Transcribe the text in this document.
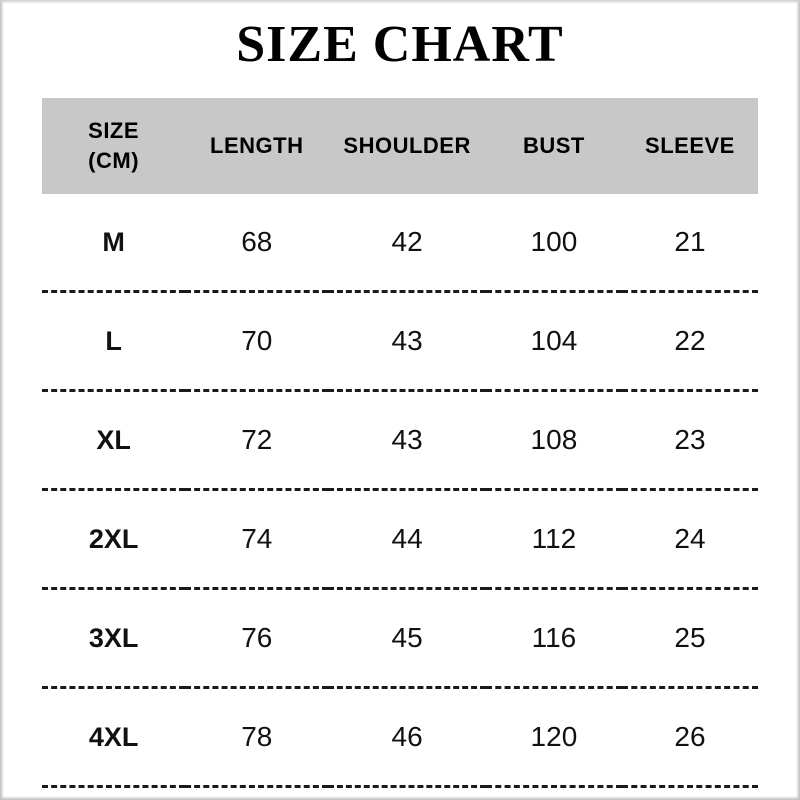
SIZE CHART
SIZE
(CM)	LENGTH	SHOULDER	BUST	SLEEVE
M	68	42	100	21
L	70	43	104	22
XL	72	43	108	23
2XL	74	44	112	24
3XL	76	45	116	25
4XL	78	46	120	26
